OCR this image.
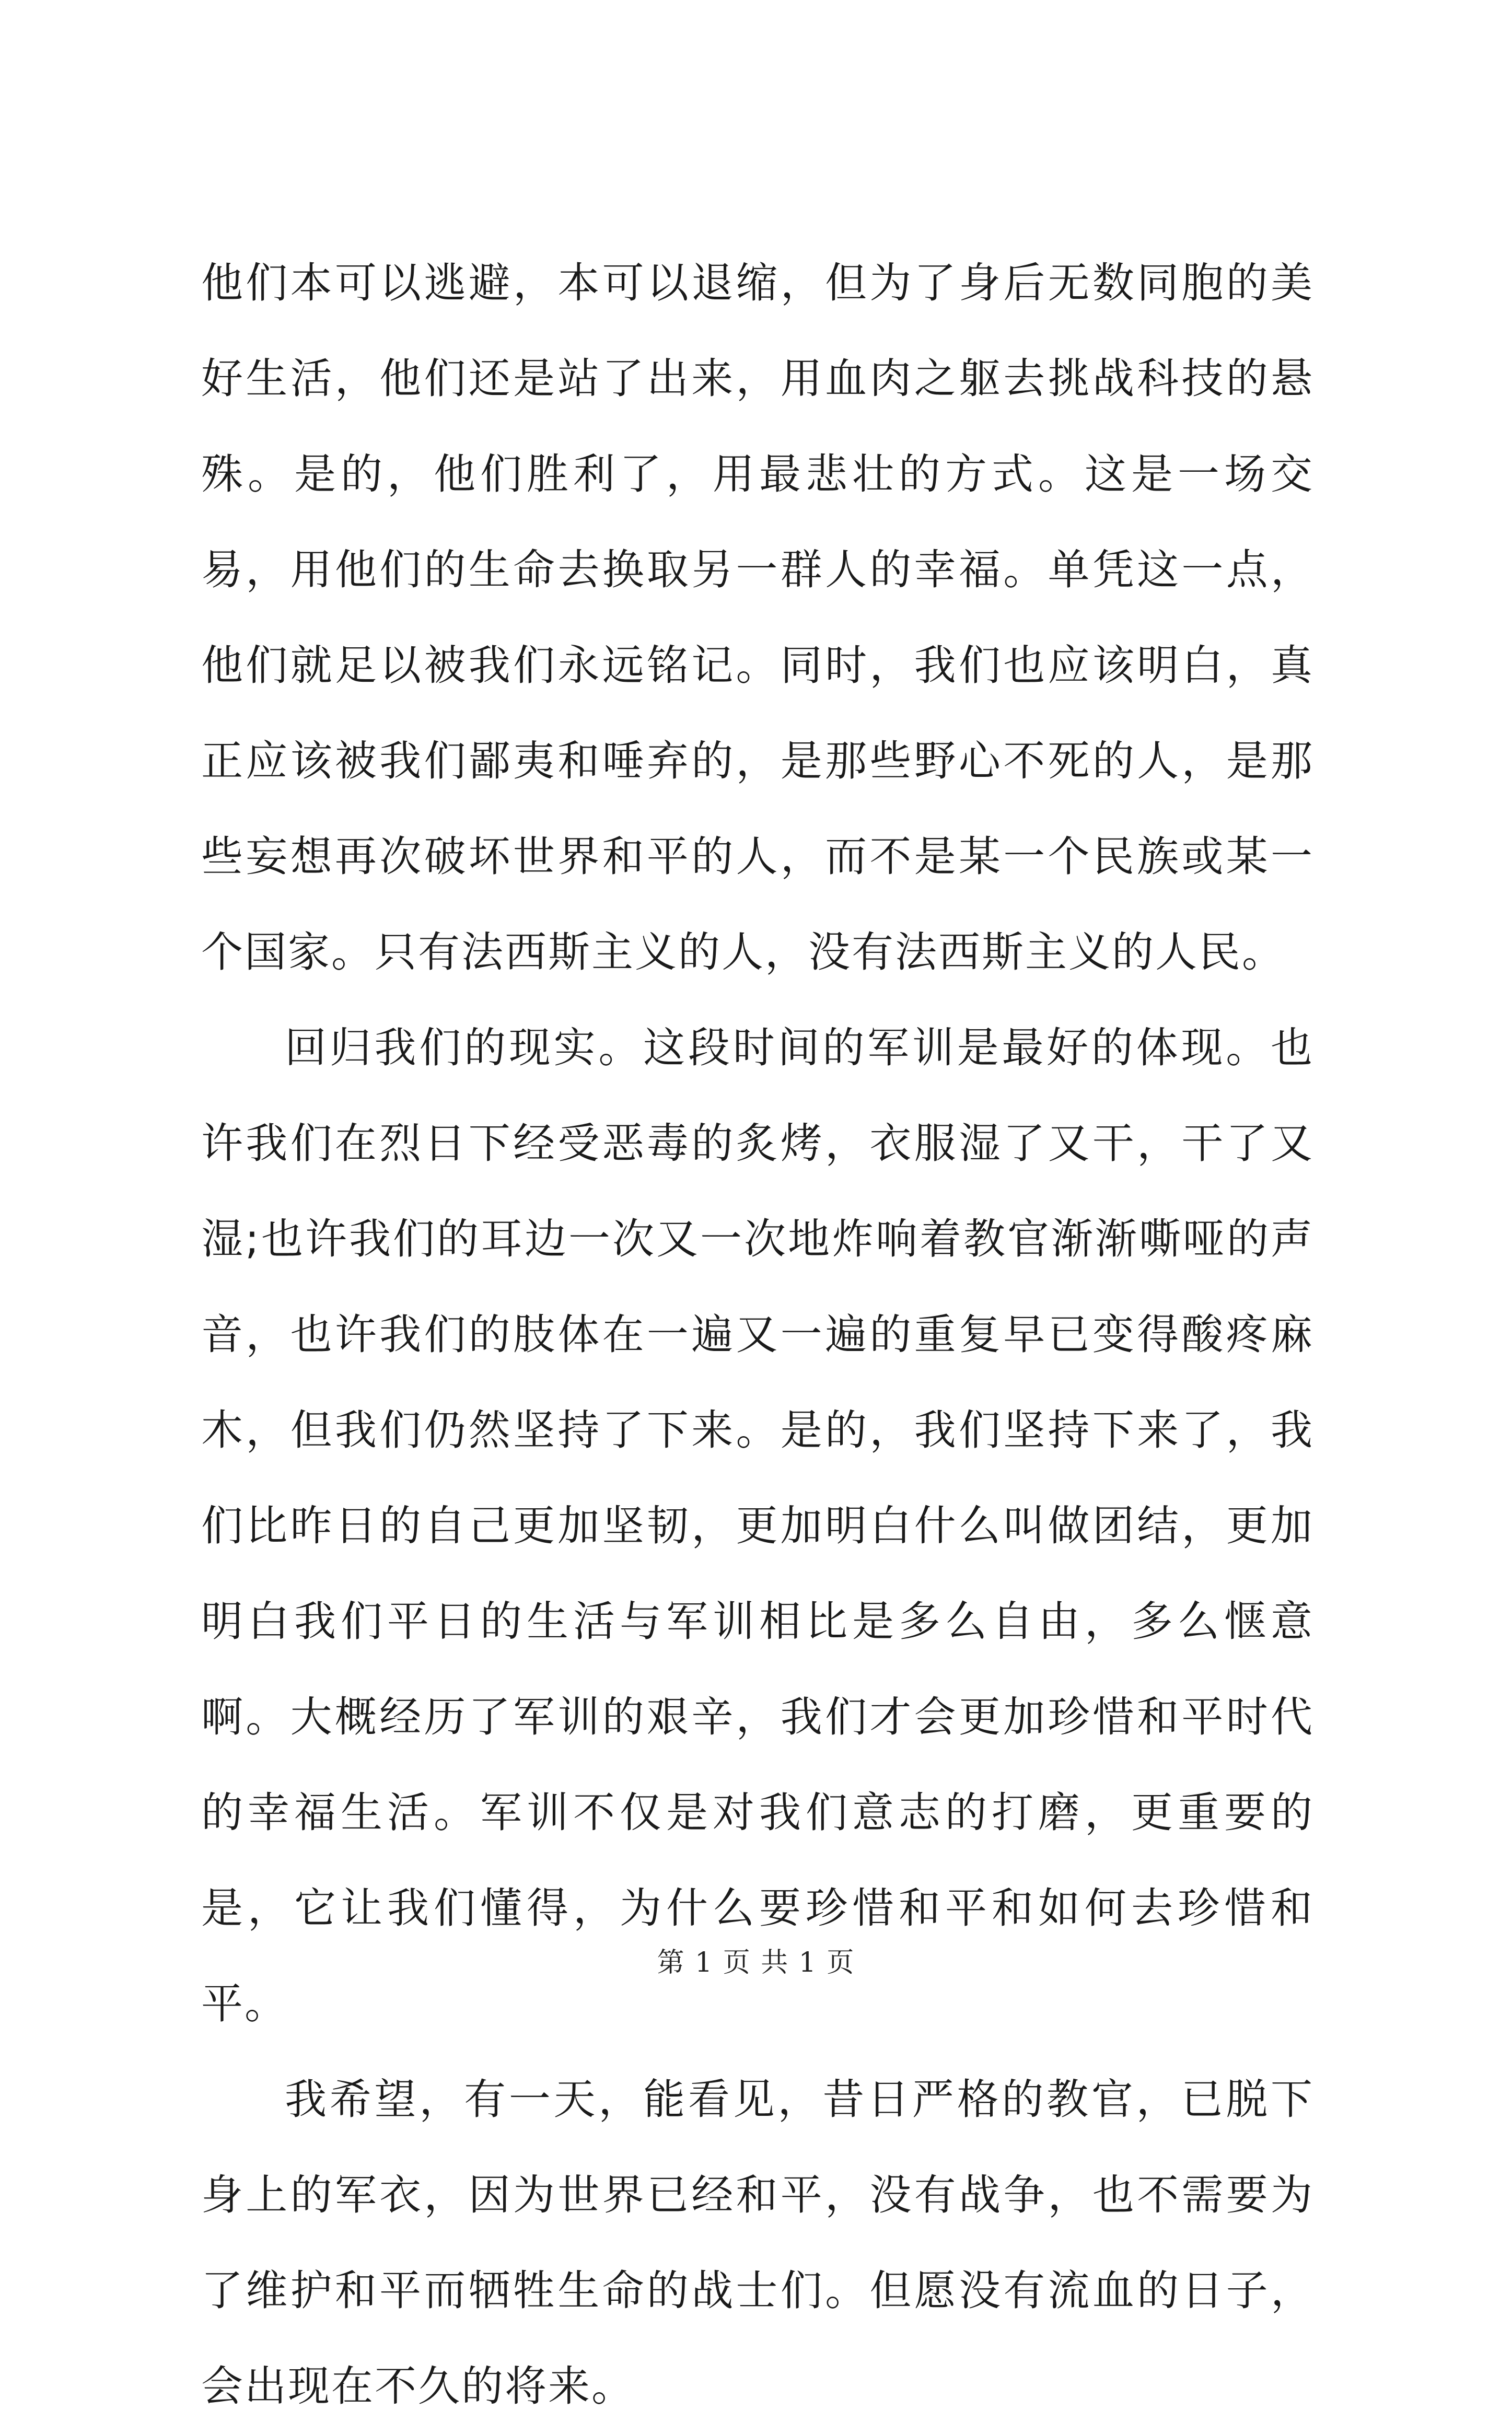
他们本可以逃避，本可以退缩，但为了身后无数同胞的美好生活，他们还是站了出来，用血肉之躯去挑战科技的悬殊。是的，他们胜利了，用最悲壮的方式。这是一场交易，用他们的生命去换取另一群人的幸福。单凭这一点，他们就足以被我们永远铭记。同时，我们也应该明白，真正应该被我们鄙夷和唾弃的，是那些野心不死的人，是那些妄想再次破坏世界和平的人，而不是某一个民族或某一个国家。只有法西斯主义的人，没有法西斯主义的人民。

回归我们的现实。这段时间的军训是最好的体现。也许我们在烈日下经受恶毒的炙烤，衣服湿了又干，干了又湿;也许我们的耳边一次又一次地炸响着教官渐渐嘶哑的声音，也许我们的肢体在一遍又一遍的重复早已变得酸疼麻木，但我们仍然坚持了下来。是的，我们坚持下来了，我们比昨日的自己更加坚韧，更加明白什么叫做团结，更加明白我们平日的生活与军训相比是多么自由，多么惬意啊。大概经历了军训的艰辛，我们才会更加珍惜和平时代的幸福生活。军训不仅是对我们意志的打磨，更重要的是，它让我们懂得，为什么要珍惜和平和如何去珍惜和平。

我希望，有一天，能看见，昔日严格的教官，已脱下身上的军衣，因为世界已经和平，没有战争，也不需要为了维护和平而牺牲生命的战士们。但愿没有流血的日子，会出现在不久的将来。

第 1 页 共 1 页
